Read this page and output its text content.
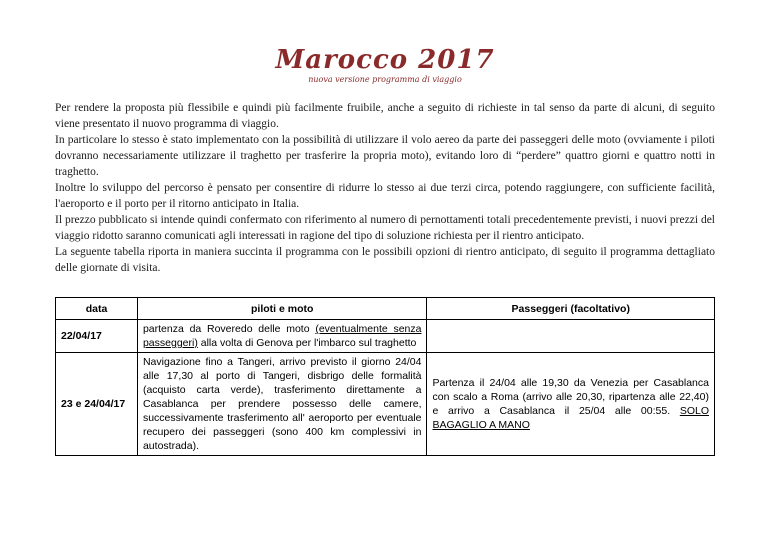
Marocco 2017
nuova versione programma di viaggio

Per rendere la proposta più flessibile e quindi più facilmente fruibile, anche a seguito di richieste in tal senso da parte di alcuni, di seguito viene presentato il nuovo programma di viaggio.

In particolare lo stesso è stato implementato con la possibilità di utilizzare il volo aereo da parte dei passeggeri delle moto (ovviamente i piloti dovranno necessariamente utilizzare il traghetto per trasferire la propria moto), evitando loro di “perdere” quattro giorni e quattro notti in traghetto.

Inoltre lo sviluppo del percorso è pensato per consentire di ridurre lo stesso ai due terzi circa, potendo raggiungere, con sufficiente facilità, l'aeroporto e il porto per il ritorno anticipato in Italia.

Il prezzo pubblicato si intende quindi confermato con riferimento al numero di pernottamenti totali precedentemente previsti, i nuovi prezzi del viaggio ridotto saranno comunicati agli interessati in ragione del tipo di soluzione richiesta per il rientro anticipato.

La seguente tabella riporta in maniera succinta il programma con le possibili opzioni di rientro anticipato, di seguito il programma dettagliato delle giornate di visita.

data	piloti e moto	Passeggeri (facoltativo)
22/04/17	partenza da Roveredo delle moto (eventualmente senza passeggeri) alla volta di Genova per l'imbarco sul traghetto	
23 e 24/04/17	Navigazione fino a Tangeri, arrivo previsto il giorno 24/04 alle 17,30 al porto di Tangeri, disbrigo delle formalità (acquisto carta verde), trasferimento direttamente a Casablanca per prendere possesso delle camere, successivamente trasferimento all' aeroporto per eventuale recupero dei passeggeri (sono 400 km complessivi in autostrada).	Partenza il 24/04 alle 19,30 da Venezia per Casablanca con scalo a Roma (arrivo alle 20,30, ripartenza alle 22,40) e arrivo a Casablanca il 25/04 alle 00:55. SOLO BAGAGLIO A MANO
